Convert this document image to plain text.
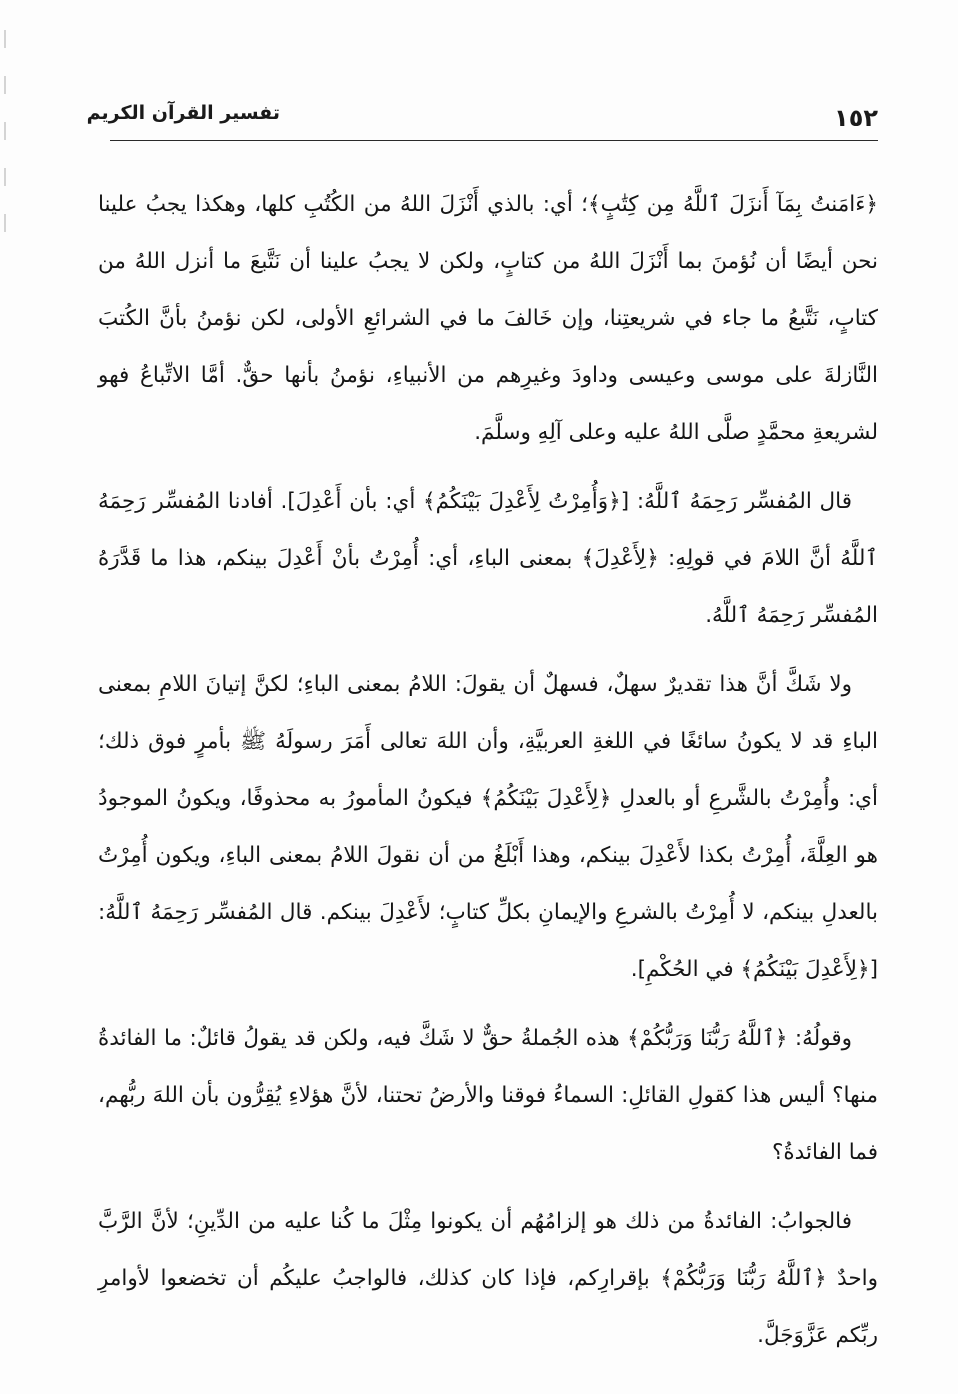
١٥٢
تفسير القرآن الكريم

﴿ءَامَنتُ بِمَآ أَنزَلَ ٱللَّهُ مِن كِتَٰبٍ﴾؛ أي: بالذي أَنْزَلَ اللهُ من الكُتُبِ كلها، وهكذا يجبُ علينا نحن أيضًا أن نُؤمنَ بما أَنْزَلَ اللهُ من كتابٍ، ولكن لا يجبُ علينا أن نَتَّبعَ ما أنزل اللهُ من كتابٍ، نَتَّبعُ ما جاء في شريعتِنا، وإن خَالفَ ما في الشرائعِ الأولى، لكن نؤمنُ بأنَّ الكُتبَ النَّازلةَ على موسى وعيسى وداودَ وغيرِهم من الأنبياءِ، نؤمنُ بأنها حقٌّ. أمَّا الاتِّباعُ فهو لشريعةِ محمَّدٍ صلَّى اللهُ عليه وعلى آلِهِ وسلَّمَ.

قال المُفسِّر رَحِمَهُ ٱللَّهُ: [﴿وَأُمِرْتُ لِأَعْدِلَ بَيْنَكُمُ﴾ أي: بأن أَعْدِلَ]. أفادنا المُفسِّر رَحِمَهُ ٱللَّهُ أنَّ اللامَ في قولِهِ: ﴿لِأَعْدِلَ﴾ بمعنى الباءِ، أي: أُمِرْتُ بأنْ أَعْدِلَ بينكم، هذا ما قَدَّرَهُ المُفسِّر رَحِمَهُ ٱللَّهُ.

ولا شَكَّ أنَّ هذا تقديرٌ سهلٌ، فسهلٌ أن يقولَ: اللامُ بمعنى الباءِ؛ لكنَّ إتيانَ اللامِ بمعنى الباءِ قد لا يكونُ سائغًا في اللغةِ العربيَّةِ، وأن اللهَ تعالى أَمَرَ رسولَهُ ﷺ بأمرٍ فوق ذلك؛ أي: وأُمِرْتُ بالشَّرعِ أو بالعدلِ ﴿لِأَعْدِلَ بَيْنَكُمُ﴾ فيكونُ المأمورُ به محذوفًا، ويكونُ الموجودُ هو العِلَّةَ، أُمِرْتُ بكذا لأَعْدِلَ بينكم، وهذا أَبْلَغُ من أن نقولَ اللامُ بمعنى الباءِ، ويكون أُمِرْتُ بالعدلِ بينكم، لا أُمِرْتُ بالشرعِ والإيمانِ بكلِّ كتابٍ؛ لأَعْدِلَ بينكم. قال المُفسِّر رَحِمَهُ ٱللَّهُ: [﴿لِأَعْدِلَ بَيْنَكُمُ﴾ في الحُكْمِ].

وقولُهُ: ﴿ٱللَّهُ رَبُّنَا وَرَبُّكُمْ﴾ هذه الجُملةُ حقٌّ لا شَكَّ فيه، ولكن قد يقولُ قائلٌ: ما الفائدةُ منها؟ أليس هذا كقولِ القائلِ: السماءُ فوقنا والأرضُ تحتنا، لأنَّ هؤلاءِ يُقِرُّون بأن اللهَ ربُّهم، فما الفائدةُ؟

فالجوابُ: الفائدةُ من ذلك هو إلزامُهُم أن يكونوا مِثْلَ ما كُنا عليه من الدِّينِ؛ لأنَّ الرَّبَّ واحدٌ ﴿ٱللَّهُ رَبُّنَا وَرَبُّكُمْ﴾ بإقرارِكم، فإذا كان كذلك، فالواجبُ عليكُم أن تخضعوا لأوامرِ ربِّكم عَزَّوَجَلَّ.
